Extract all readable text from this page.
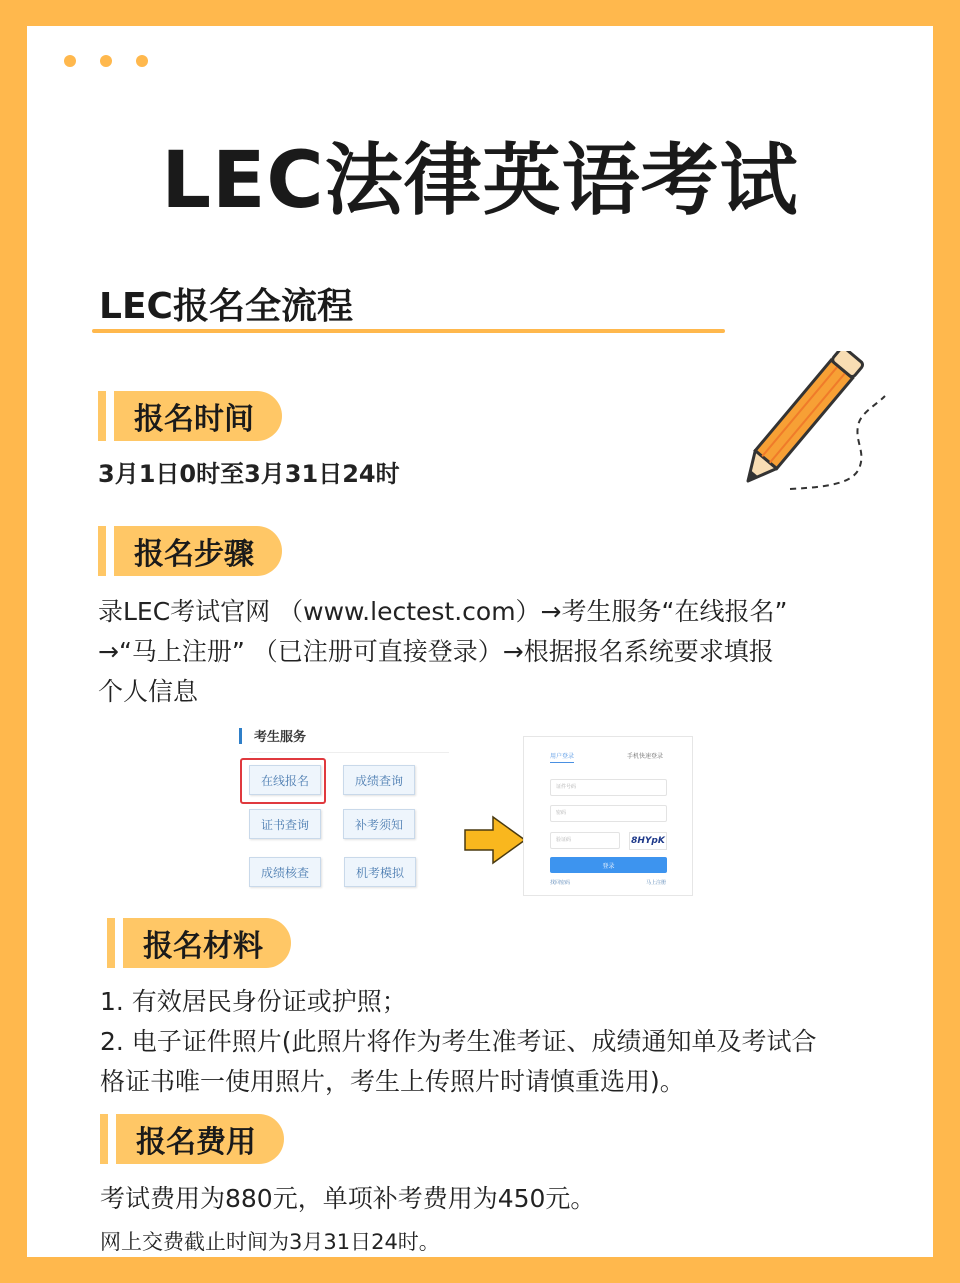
LEC法律英语考试
LEC报名全流程
报名时间
3月1日0时至3月31日24时
报名步骤
录LEC考试官网 （www.lectest.com）→考生服务“在线报名”
→“马上注册” （已注册可直接登录）→根据报名系统要求填报
个人信息
考生服务
在线报名	成绩查询
证书查询	补考须知
成绩核查	机考模拟
用户登录	手机快速登录
证件号码
密码
验证码	8HYpK
登录
找回密码	马上注册
报名材料
1. 有效居民身份证或护照；
2. 电子证件照片(此照片将作为考生准考证、成绩通知单及考试合
格证书唯一使用照片，考生上传照片时请慎重选用)。
报名费用
考试费用为880元，单项补考费用为450元。
网上交费截止时间为3月31日24时。
